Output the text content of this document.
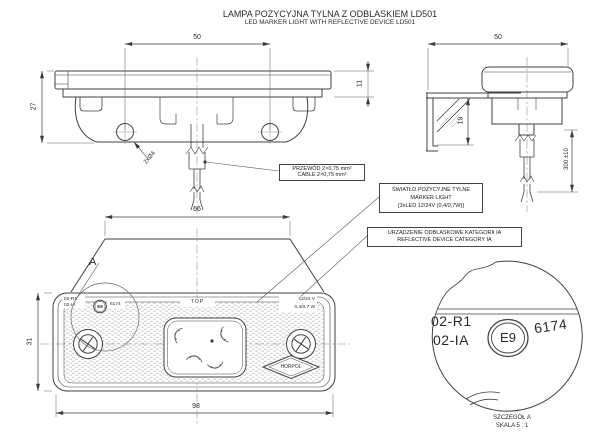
LAMPA POZYCYJNA TYLNA Z ODBLASKIEM LD501
LED MARKER LIGHT WITH REFLECTIVE DEVICE LD501
50
27
11
2xØ4
50
19
300 ±10
66
31
98
A
PRZEWÓD 2×0,75 mm²
CABLE 2×0,75 mm²
ŚWIATŁO POZYCYJNE TYLNE
MARKER LIGHT
[3xLED 12/24V (0,4/0,7W)]
URZĄDZENIE ODBLASKOWE KATEGORII IA
REFLECTIVE DEVICE CATEGORY IA
02-R1
02-IA	E9	6174	TOP	12/24 V
0,4/0,7 W
HORPOL
02-R1
02-IA	E9
6174
SZCZEGÓŁ A
SKALA 5 : 1
